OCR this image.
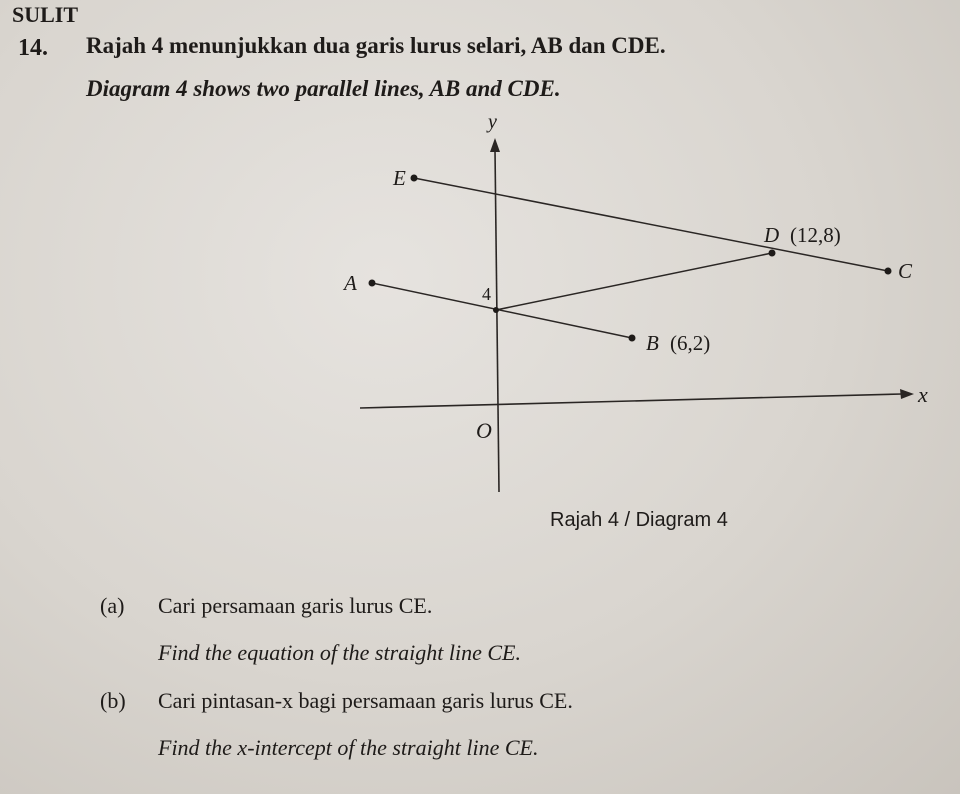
SULIT
14. Rajah 4 menunjukkan dua garis lurus selari, AB dan CDE.
Diagram 4 shows two parallel lines, AB and CDE.
y
x
O
4
E
A	C
D (12,8)
B (6,2)
Rajah 4 / Diagram 4
(a) Cari persamaan garis lurus CE.
Find the equation of the straight line CE.
(b) Cari pintasan-x bagi persamaan garis lurus CE.
Find the x-intercept of the straight line CE.
